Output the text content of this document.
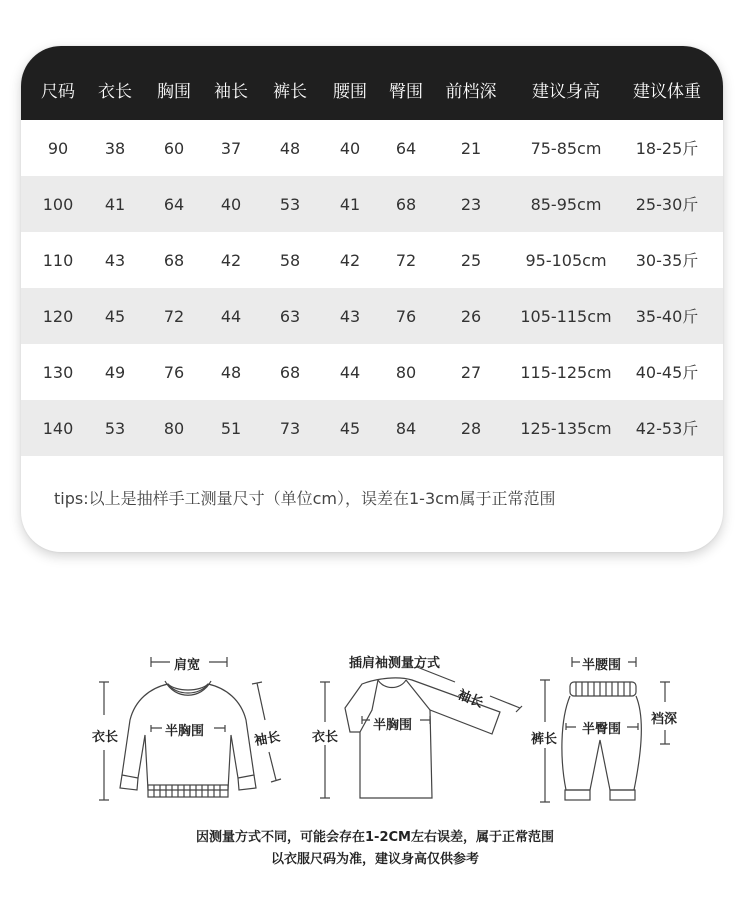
尺码 衣长 胸围 袖长 裤长 腰围 臀围 前档深	建议身高	建议体重
90	38	60	37	48	40	64	21	75-85cm	18-25斤
100	41	64	40	53	41	68	23	85-95cm	25-30斤
110	43	68	42	58	42	72	25	95-105cm	30-35斤
120	45	72	44	63	43	76	26	105-115cm	35-40斤
130	49	76	48	68	44	80	27	115-125cm	40-45斤
140	53	80	51	73	45	84	28	125-135cm	42-53斤
tips:以上是抽样手工测量尺寸（单位cm），误差在1-3cm属于正常范围
肩宽
衣长	半胸围	袖长
插肩袖测量方式
衣长
半胸围
袖长
半腰围
裤长
半臀围
裆深
因测量方式不同，可能会存在1-2CM左右误差，属于正常范围
以衣服尺码为准，建议身高仅供参考
